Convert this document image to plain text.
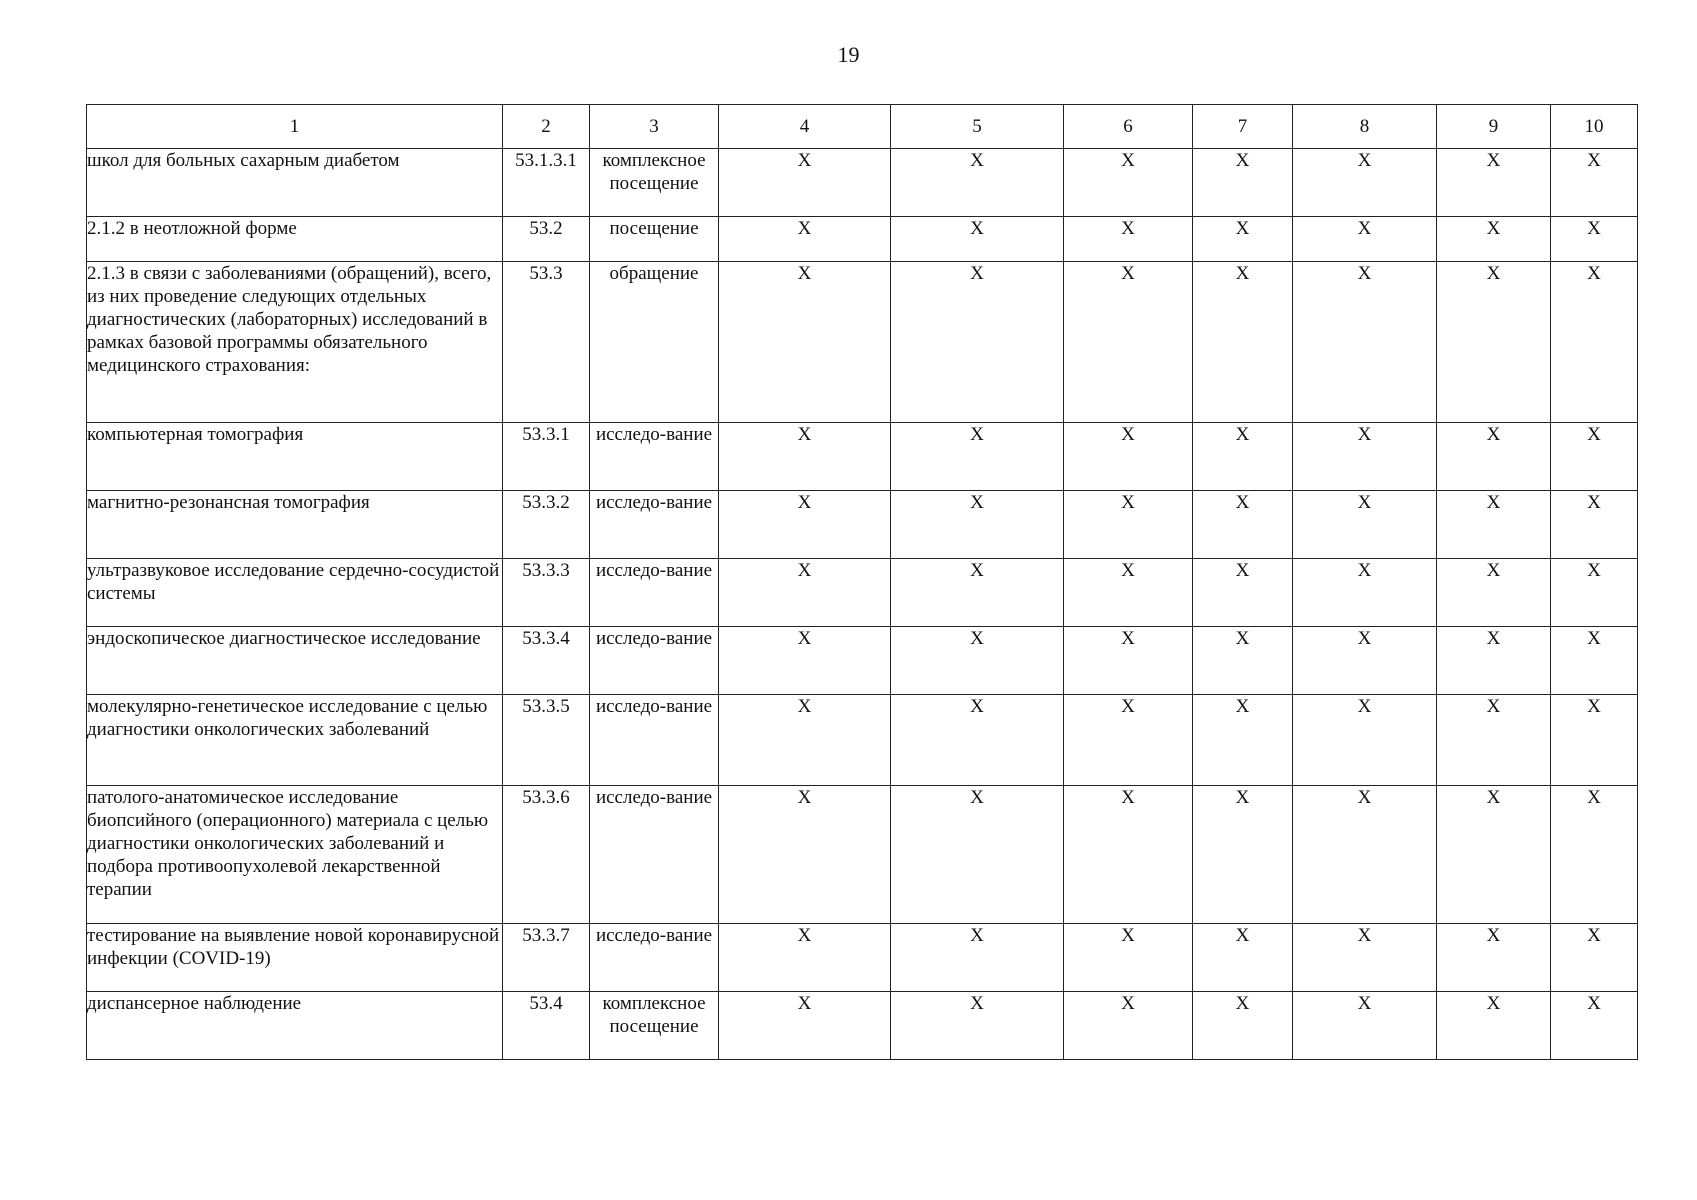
19
1	2	3	4	5	6	7	8	9	10
школ для больных сахарным диабетом	53.1.3.1	комплексное посещение	X	X	X	X	X	X	X
2.1.2 в неотложной форме	53.2	посещение	X	X	X	X	X	X	X
2.1.3 в связи с заболеваниями (обращений), всего, из них проведение следующих отдельных диагностических (лабораторных) исследований в рамках базовой программы обязательного медицинского страхования:	53.3	обращение	X	X	X	X	X	X	X
компьютерная томография	53.3.1	исследо-вание	X	X	X	X	X	X	X
магнитно-резонансная томография	53.3.2	исследо-вание	X	X	X	X	X	X	X
ультразвуковое исследование сердечно-сосудистой системы	53.3.3	исследо-вание	X	X	X	X	X	X	X
эндоскопическое диагностическое исследование	53.3.4	исследо-вание	X	X	X	X	X	X	X
молекулярно-генетическое исследование с целью диагностики онкологических заболеваний	53.3.5	исследо-вание	X	X	X	X	X	X	X
патолого-анатомическое исследование биопсийного (операционного) материала с целью диагностики онкологических заболеваний и подбора противоопухолевой лекарственной терапии	53.3.6	исследо-вание	X	X	X	X	X	X	X
тестирование на выявление новой коронавирусной инфекции (COVID-19)	53.3.7	исследо-вание	X	X	X	X	X	X	X
диспансерное наблюдение	53.4	комплексное посещение	X	X	X	X	X	X	X
